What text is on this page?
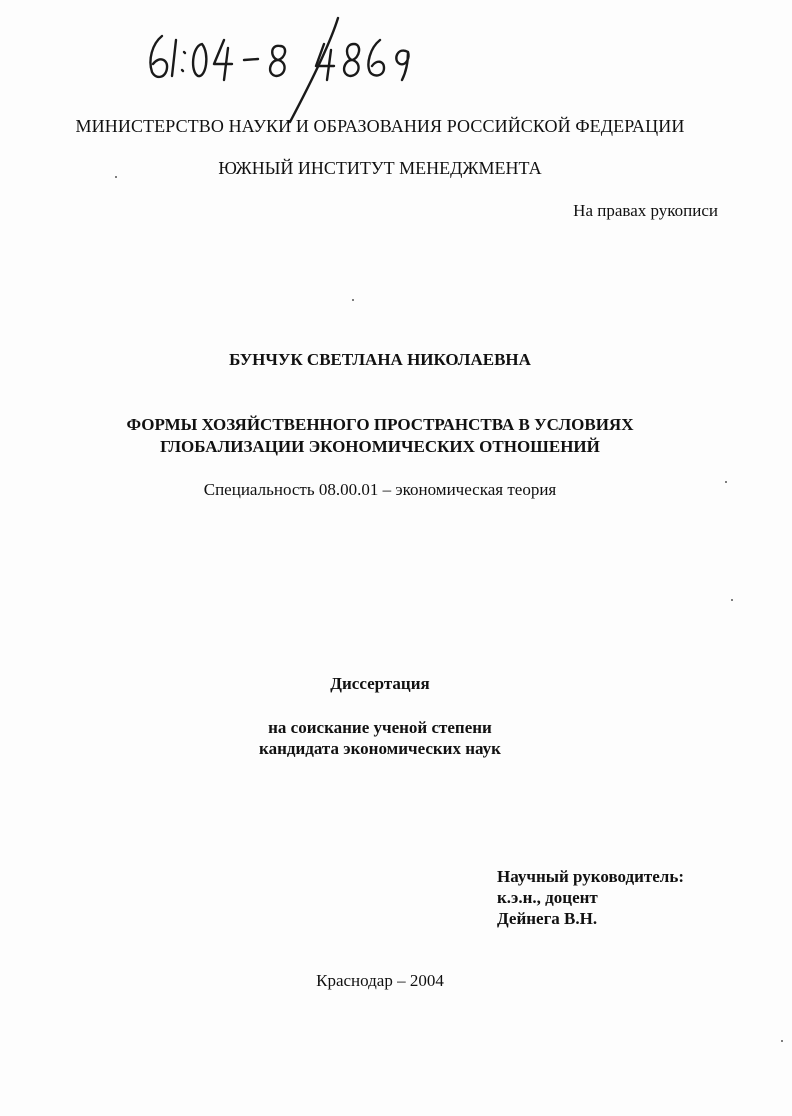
МИНИСТЕРСТВО НАУКИ И ОБРАЗОВАНИЯ РОССИЙСКОЙ ФЕДЕРАЦИИ
ЮЖНЫЙ ИНСТИТУТ МЕНЕДЖМЕНТА
На правах рукописи
БУНЧУК СВЕТЛАНА НИКОЛАЕВНА
ФОРМЫ ХОЗЯЙСТВЕННОГО ПРОСТРАНСТВА В УСЛОВИЯХ
ГЛОБАЛИЗАЦИИ ЭКОНОМИЧЕСКИХ ОТНОШЕНИЙ
Специальность 08.00.01 – экономическая теория
Диссертация
на соискание ученой степени
кандидата экономических наук
Научный руководитель:
к.э.н., доцент
Дейнега В.Н.
Краснодар – 2004
